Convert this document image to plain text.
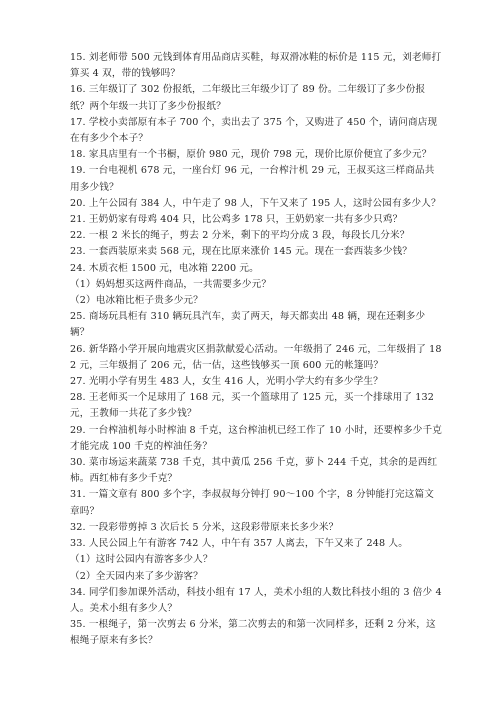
15. 刘老师带 500 元钱到体育用品商店买鞋，每双滑冰鞋的标价是 115 元，刘老师打算买 4 双，带的钱够吗？

16. 三年级订了 302 份报纸，二年级比三年级少订了 89 份。二年级订了多少份报纸？两个年级一共订了多少份报纸？

17. 学校小卖部原有本子 700 个，卖出去了 375 个，又购进了 450 个，请问商店现在有多少个本子？

18. 家具店里有一个书橱，原价 980 元，现价 798 元，现价比原价便宜了多少元？

19. 一台电视机 678 元，一座台灯 96 元，一台榨汁机 29 元，王叔买这三样商品共用多少钱？

20. 上午公园有 384 人，中午走了 98 人，下午又来了 195 人，这时公园有多少人？

21. 王奶奶家有母鸡 404 只，比公鸡多 178 只，王奶奶家一共有多少只鸡？

22. 一根 2 米长的绳子，剪去 2 分米，剩下的平均分成 3 段，每段长几分米？

23. 一套西装原来卖 568 元，现在比原来涨价 145 元。现在一套西装多少钱？

24. 木质衣柜 1500 元，电冰箱 2200 元。

（1）妈妈想买这两件商品，一共需要多少元？

（2）电冰箱比柜子贵多少元？

25. 商场玩具柜有 310 辆玩具汽车，卖了两天，每天都卖出 48 辆，现在还剩多少辆？

26. 新华路小学开展向地震灾区捐款献爱心活动。一年级捐了 246 元，二年级捐了 182 元，三年级捐了 206 元，估一估，这些钱够买一顶 600 元的帐篷吗？

27. 光明小学有男生 483 人，女生 416 人，光明小学大约有多少学生？

28. 王老师买一个足球用了 168 元，买一个篮球用了 125 元，买一个排球用了 132 元，王教师一共花了多少钱？

29. 一台榨油机每小时榨油 8 千克，这台榨油机已经工作了 10 小时，还要榨多少千克才能完成 100 千克的榨油任务？

30. 菜市场运来蔬菜 738 千克，其中黄瓜 256 千克，萝卜 244 千克，其余的是西红柿。西红柿有多少千克？

31. 一篇文章有 800 多个字，李叔叔每分钟打 90～100 个字，8 分钟能打完这篇文章吗？

32. 一段彩带剪掉 3 次后长 5 分米，这段彩带原来长多少米？

33. 人民公园上午有游客 742 人，中午有 357 人离去，下午又来了 248 人。

（1）这时公园内有游客多少人？

（2）全天园内来了多少游客？

34. 同学们参加课外活动，科技小组有 17 人，美术小组的人数比科技小组的 3 倍少 4 人。美术小组有多少人？

35. 一根绳子，第一次剪去 6 分米，第二次剪去的和第一次同样多，还剩 2 分米，这根绳子原来有多长？
